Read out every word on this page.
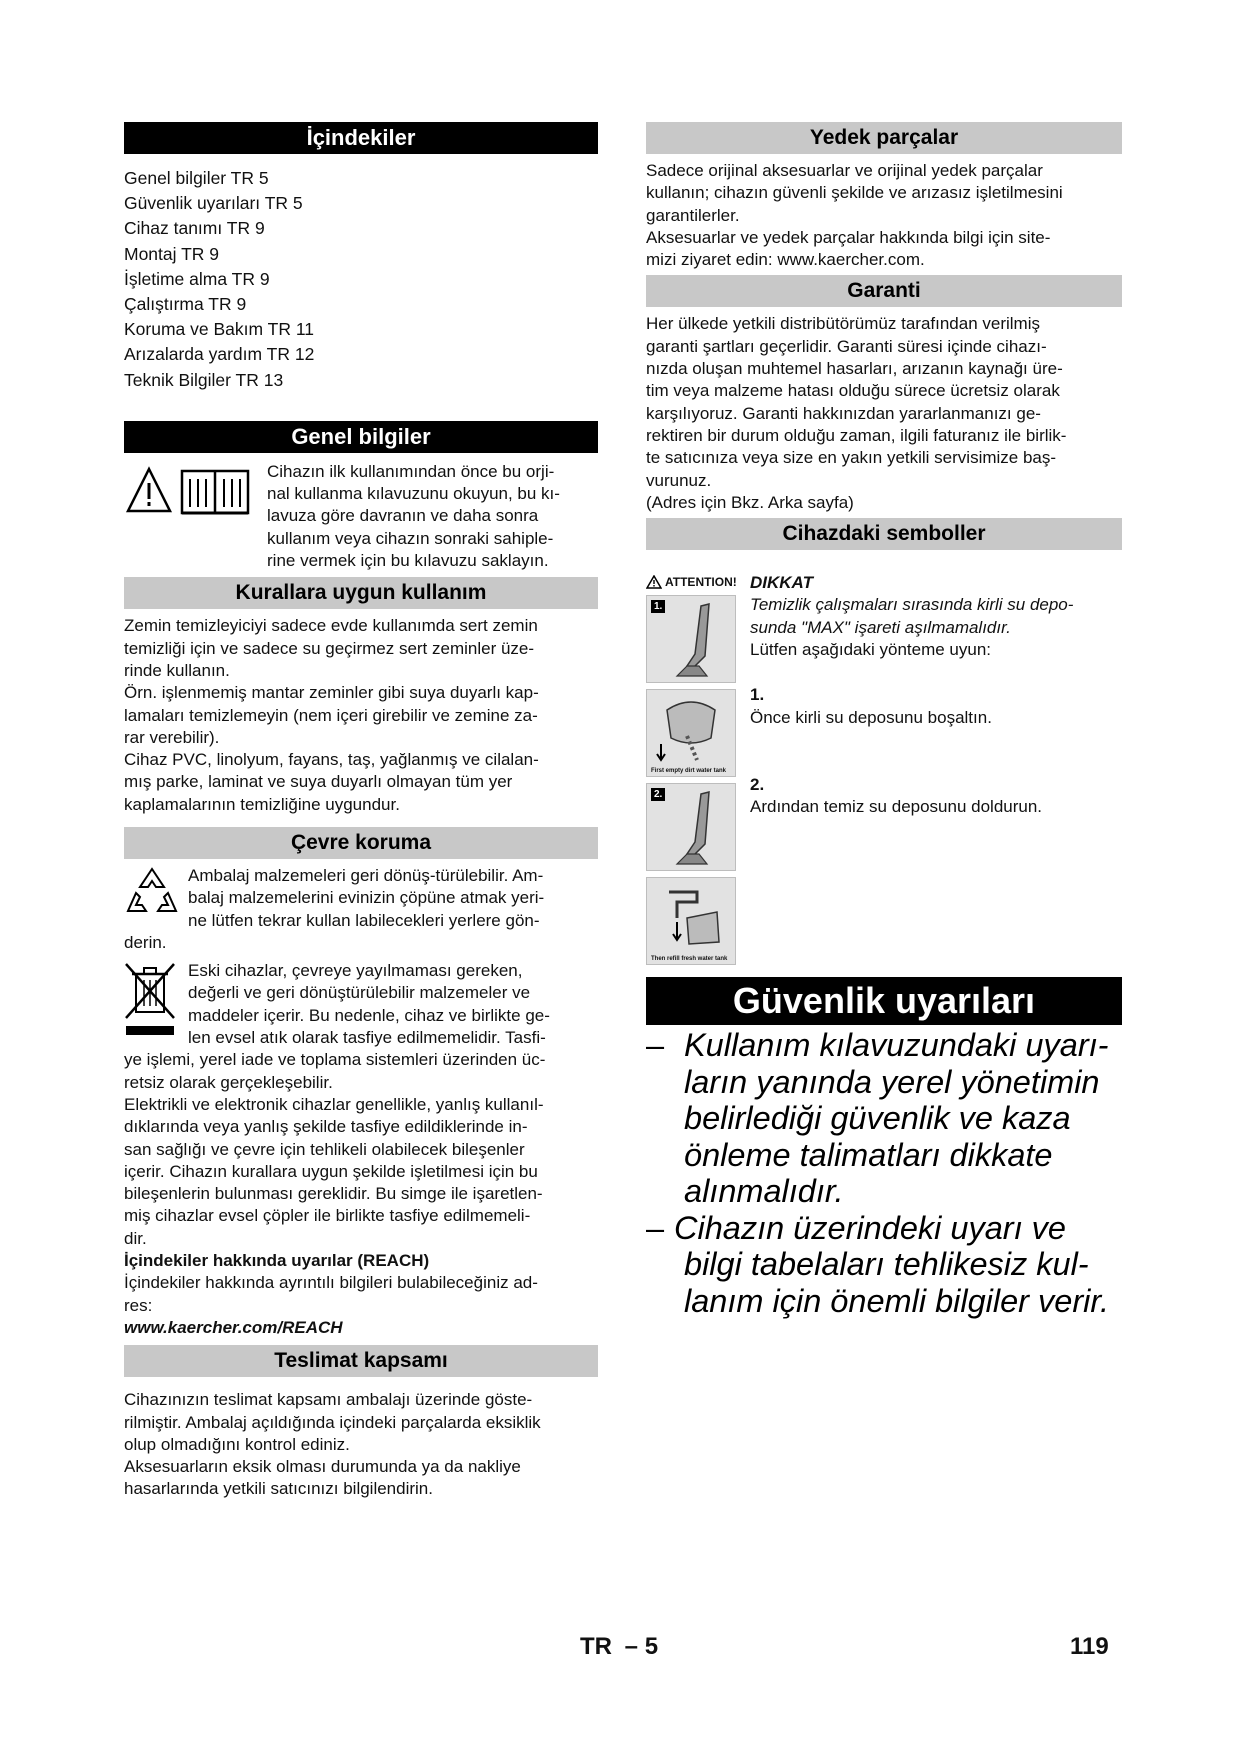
İçindekiler
Genel bilgiler TR 5
Güvenlik uyarıları TR 5
Cihaz tanımı TR 9
Montaj TR 9
İşletime alma TR 9
Çalıştırma TR 9
Koruma ve Bakım TR 11
Arızalarda yardım TR 12
Teknik Bilgiler TR 13
Genel bilgiler

Cihazın ilk kullanımından önce bu orji-

nal kullanma kılavuzunu okuyun, bu kı-

lavuza göre davranın ve daha sonra

kullanım veya cihazın sonraki sahiple-

rine vermek için bu kılavuzu saklayın.

Kurallara uygun kullanım

Zemin temizleyiciyi sadece evde kullanımda sert zemin

temizliği için ve sadece su geçirmez sert zeminler üze-

rinde kullanın.

Örn. işlenmemiş mantar zeminler gibi suya duyarlı kap-

lamaları temizlemeyin (nem içeri girebilir ve zemine za-

rar verebilir).

Cihaz PVC, linolyum, fayans, taş, yağlanmış ve cilalan-

mış parke, laminat ve suya duyarlı olmayan tüm yer

kaplamalarının temizliğine uygundur.

Çevre koruma

Ambalaj malzemeleri geri dönüş-türülebilir. Am-

balaj malzemelerini evinizin çöpüne atmak yeri-

ne lütfen tekrar kullan labilecekleri yerlere gön-

derin.

Eski cihazlar, çevreye yayılmaması gereken,

değerli ve geri dönüştürülebilir malzemeler ve

maddeler içerir. Bu nedenle, cihaz ve birlikte ge-

len evsel atık olarak tasfiye edilmemelidir. Tasfi-

ye işlemi, yerel iade ve toplama sistemleri üzerinden üc-

retsiz olarak gerçekleşebilir.

Elektrikli ve elektronik cihazlar genellikle, yanlış kullanıl-

dıklarında veya yanlış şekilde tasfiye edildiklerinde in-

san sağlığı ve çevre için tehlikeli olabilecek bileşenler

içerir. Cihazın kurallara uygun şekilde işletilmesi için bu

bileşenlerin bulunması gereklidir. Bu simge ile işaretlen-

miş cihazlar evsel çöpler ile birlikte tasfiye edilmemeli-

dir.

İçindekiler hakkında uyarılar (REACH)

İçindekiler hakkında ayrıntılı bilgileri bulabileceğiniz ad-

res:

www.kaercher.com/REACH

Teslimat kapsamı

Cihazınızın teslimat kapsamı ambalajı üzerinde göste-

rilmiştir. Ambalaj açıldığında içindeki parçalarda eksiklik

olup olmadığını kontrol ediniz.

Aksesuarların eksik olması durumunda ya da nakliye

hasarlarında yetkili satıcınızı bilgilendirin.

Yedek parçalar

Sadece orijinal aksesuarlar ve orijinal yedek parçalar

kullanın; cihazın güvenli şekilde ve arızasız işletilmesini

garantilerler.

Aksesuarlar ve yedek parçalar hakkında bilgi için site-

mizi ziyaret edin: www.kaercher.com.

Garanti

Her ülkede yetkili distribütörümüz tarafından verilmiş

garanti şartları geçerlidir. Garanti süresi içinde cihazı-

nızda oluşan muhtemel hasarları, arızanın kaynağı üre-

tim veya malzeme hatası olduğu sürece ücretsiz olarak

karşılıyoruz. Garanti hakkınızdan yararlanmanızı ge-

rektiren bir durum olduğu zaman, ilgili faturanız ile birlik-

te satıcınıza veya size en yakın yetkili servisimize baş-

vurunuz.

(Adres için Bkz. Arka sayfa)

Cihazdaki semboller
ATTENTION!
1.
First empty dirt water tank
2.
Then refill fresh water tank

DIKKAT

Temizlik çalışmaları sırasında kirli su depo-

sunda "MAX" işareti aşılmamalıdır.

Lütfen aşağıdaki yönteme uyun:

1.

Önce kirli su deposunu boşaltın.

2.

Ardından temiz su deposunu doldurun.

Güvenlik uyarıları
– Kullanım kılavuzundaki uyarı-
ların yanında yerel yönetimin
belirlediği güvenlik ve kaza
önleme talimatları dikkate
alınmalıdır.
– Cihazın üzerindeki uyarı ve
bilgi tabelaları tehlikesiz kul-
lanım için önemli bilgiler verir.
TR – 5	119
